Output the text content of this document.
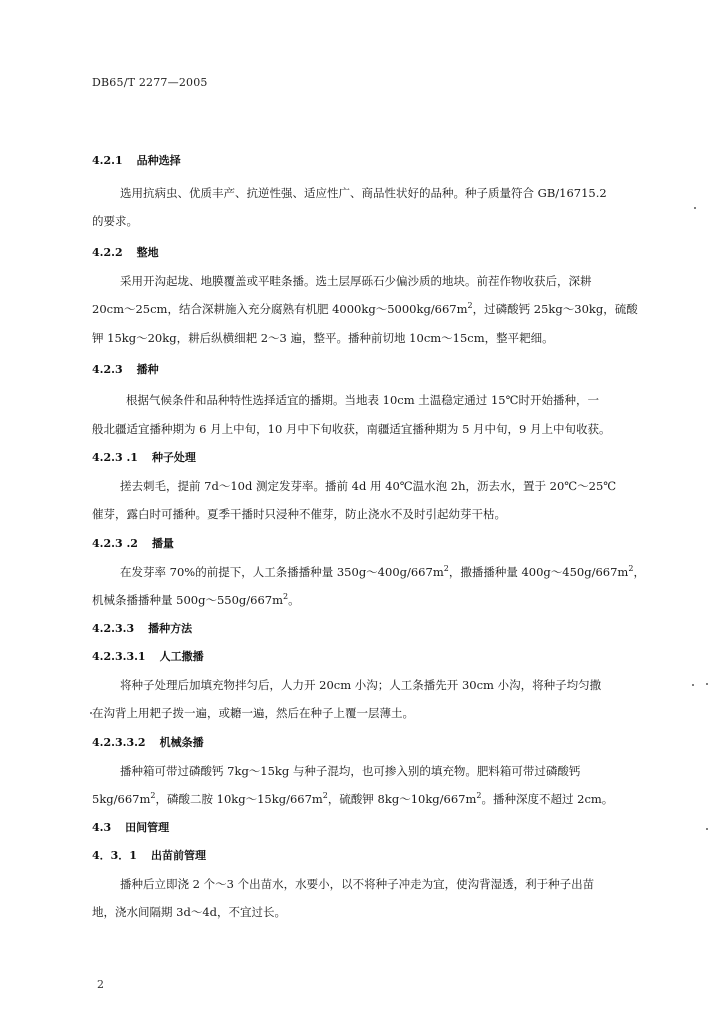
DB65/T 2277—2005
4.2.1 品种选择
选用抗病虫、优质丰产、抗逆性强、适应性广、商品性状好的品种。种子质量符合 GB/16715.2
的要求。
4.2.2 整地
采用开沟起垅、地膜覆盖或平畦条播。选土层厚砾石少偏沙质的地块。前茬作物收获后，深耕
20cm～25cm，结合深耕施入充分腐熟有机肥 $4000kg\sim 5000kg/667m^2$，过磷酸钙 25kg～30kg，硫酸
钾 15kg～20kg，耕后纵横细耙 2～3 遍，整平。播种前切地 10cm～15cm，整平耙细。
4.2.3 播种
根据气候条件和品种特性选择适宜的播期。当地表 10cm 土温稳定通过 15℃时开始播种，一
般北疆适宜播种期为 6 月上中旬，10 月中下旬收获，南疆适宜播种期为 5 月中旬，9 月上中旬收获。
4.2.3 .1 种子处理
搓去刺毛，提前 7d～10d 测定发芽率。播前 4d 用 40℃温水泡 2h，沥去水，置于 20℃～25℃
催芽，露白时可播种。夏季干播时只浸种不催芽，防止浇水不及时引起幼芽干枯。
4.2.3 .2 播量
在发芽率 70%的前提下，人工条播播种量 $350g\sim 400g/667m^2$，撒播播种量 $400g\sim 450g/667m^2$，
机械条播播种量 $500g\sim 550g/667m^2$。
4.2.3.3 播种方法
4.2.3.3.1 人工撒播
将种子处理后加填充物拌匀后，人力开 20cm 小沟；人工条播先开 30cm 小沟，将种子均匀撒
在沟背上用耙子拨一遍，或耱一遍，然后在种子上覆一层薄土。
4.2.3.3.2 机械条播
播种箱可带过磷酸钙 7kg～15kg 与种子混均，也可掺入别的填充物。肥料箱可带过磷酸钙
$5kg/667m^2$，磷酸二胺 $10kg\sim 15kg/667m^2$，硫酸钾 $8kg\sim 10kg/667m^2$。播种深度不超过 2cm。
4.3 田间管理
4．3．1 出苗前管理
播种后立即浇 2 个～3 个出苗水，水要小，以不将种子冲走为宜，使沟背湿透，利于种子出苗
地，浇水间隔期 3d～4d，不宜过长。
2
